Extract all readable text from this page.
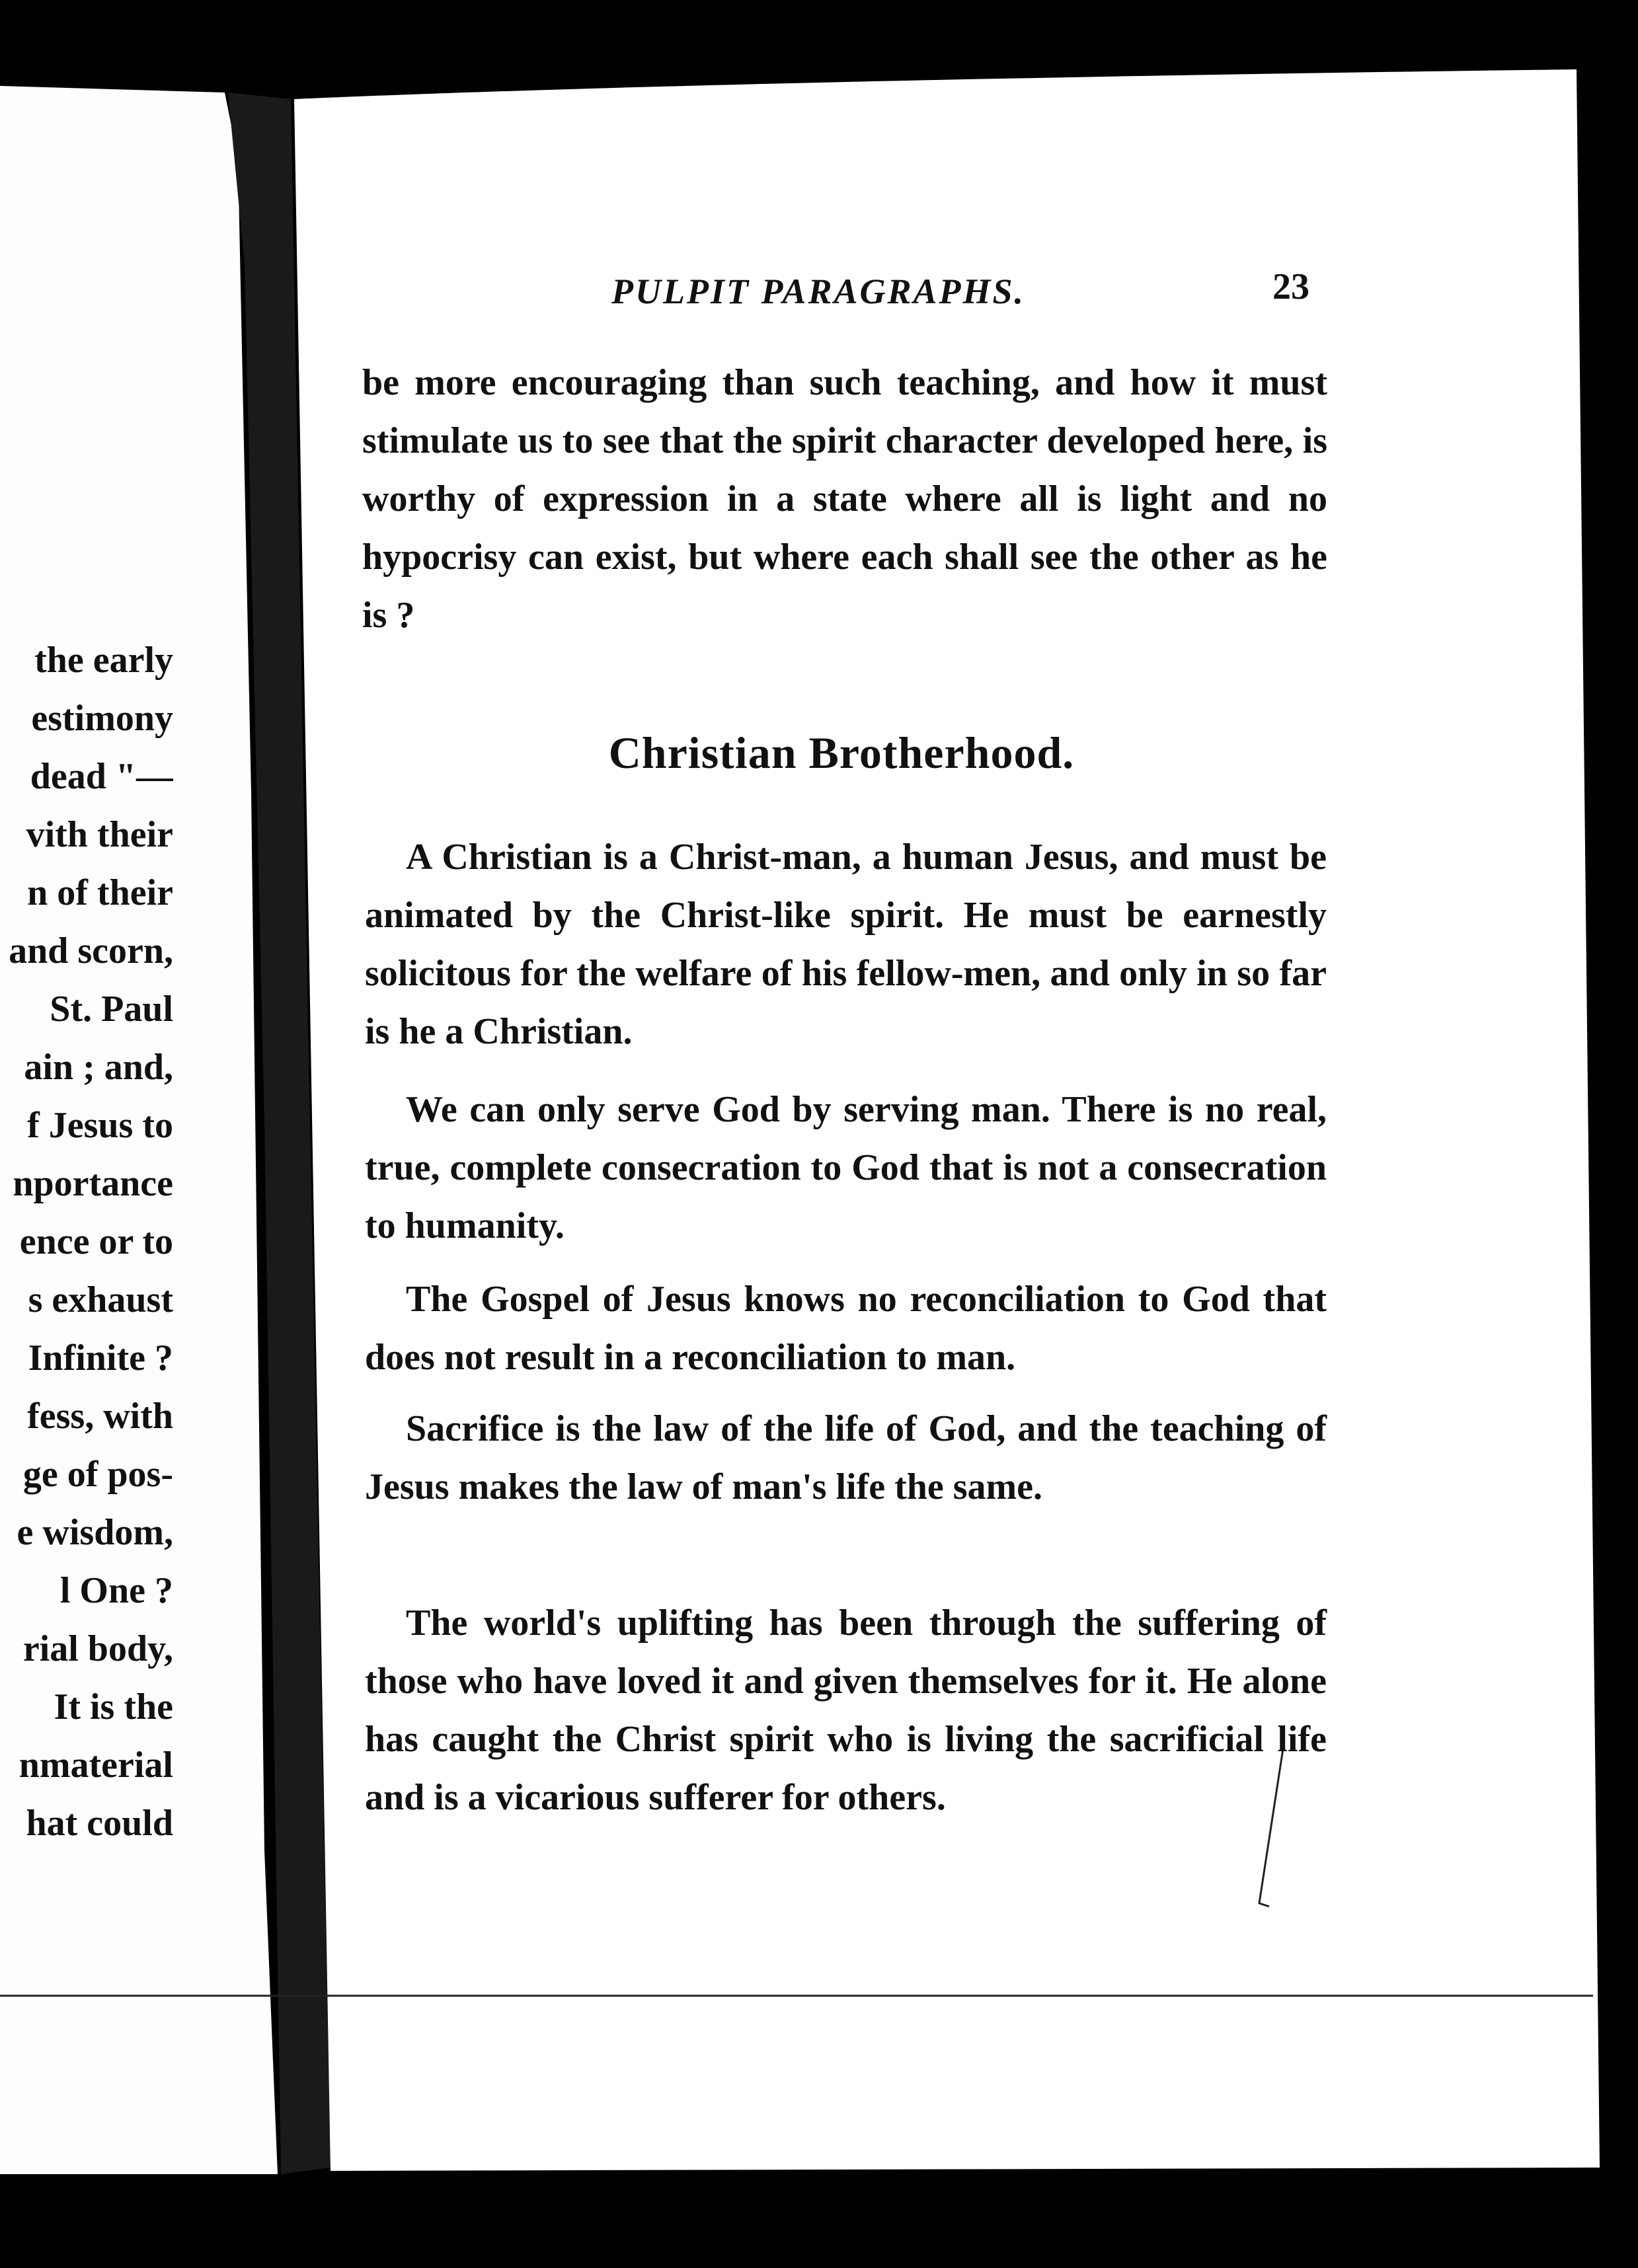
the early
estimony
dead "—
vith their
n of their
and scorn,
St. Paul
ain ; and,
f Jesus to
nportance
ence or to
s exhaust
Infinite ?
fess, with
ge of pos-
e wisdom,
l One ?
rial body,
It is the
nmaterial
hat could
PULPIT PARAGRAPHS.	23
be more encouraging than such teaching, and how it must stimulate us to see that the spirit character developed here, is worthy of expression in a state where all is light and no hypocrisy can exist, but where each shall see the other as he is ?
Christian Brotherhood.
A Christian is a Christ-man, a human Jesus, and must be animated by the Christ-like spirit. He must be earnestly solicitous for the welfare of his fellow-men, and only in so far is he a Christian.
We can only serve God by serving man. There is no real, true, complete consecration to God that is not a consecration to humanity.
The Gospel of Jesus knows no reconciliation to God that does not result in a reconciliation to man.
Sacrifice is the law of the life of God, and the teaching of Jesus makes the law of man's life the same.
The world's uplifting has been through the suffering of those who have loved it and given themselves for it. He alone has caught the Christ spirit who is living the sacrificial life and is a vicarious sufferer for others.
